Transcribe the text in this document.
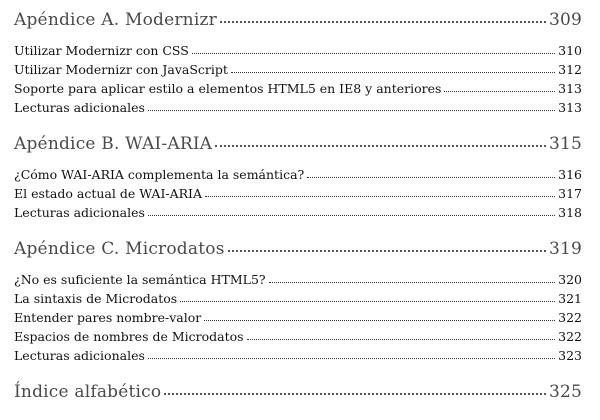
Apéndice A. Modernizr	309
Utilizar Modernizr con CSS	310
Utilizar Modernizr con JavaScript	312
Soporte para aplicar estilo a elementos HTML5 en IE8 y anteriores	313
Lecturas adicionales	313
Apéndice B. WAI-ARIA	315
¿Cómo WAI-ARIA complementa la semántica?	316
El estado actual de WAI-ARIA	317
Lecturas adicionales	318
Apéndice C. Microdatos	319
¿No es suficiente la semántica HTML5?	320
La sintaxis de Microdatos	321
Entender pares nombre-valor	322
Espacios de nombres de Microdatos	322
Lecturas adicionales	323
Índice alfabético	325
